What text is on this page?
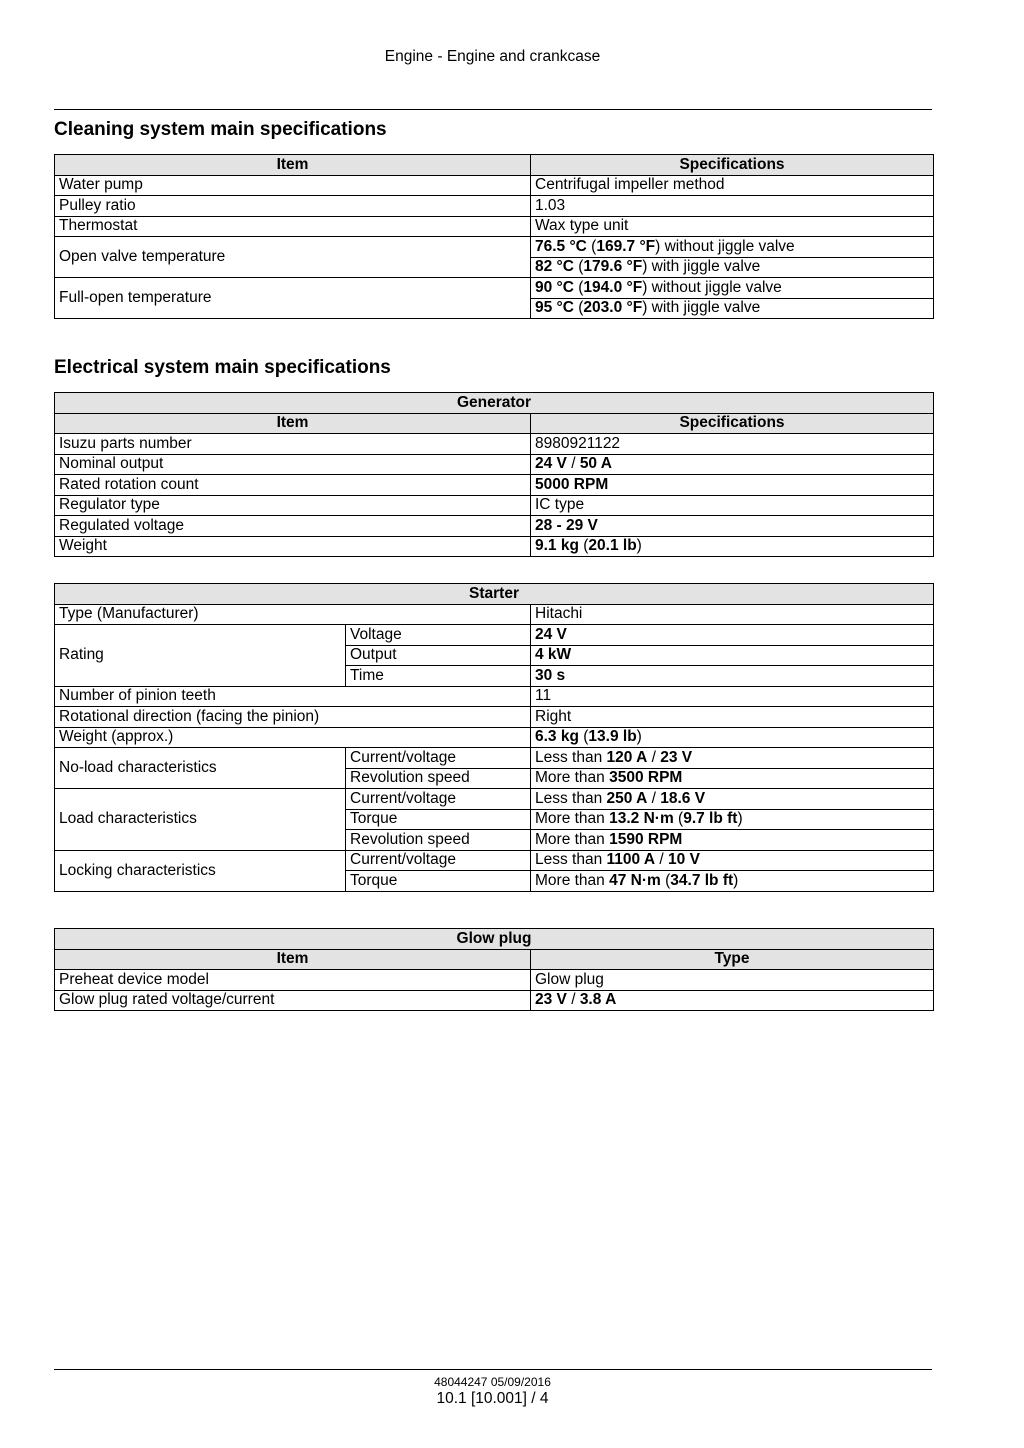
Engine - Engine and crankcase
Cleaning system main specifications
Item	Specifications
Water pump	Centrifugal impeller method
Pulley ratio	1.03
Thermostat	Wax type unit
Open valve temperature	76.5 °C (169.7 °F) without jiggle valve
	82 °C (179.6 °F) with jiggle valve
Full-open temperature	90 °C (194.0 °F) without jiggle valve
	95 °C (203.0 °F) with jiggle valve
Electrical system main specifications
Generator	
Item	Specifications
Isuzu parts number	8980921122
Nominal output	24 V / 50 A
Rated rotation count	5000 RPM
Regulator type	IC type
Regulated voltage	28 - 29 V
Weight	9.1 kg (20.1 lb)
Starter		
Type (Manufacturer)		Hitachi
Rating	Voltage	24 V
	Output	4 kW
	Time	30 s
Number of pinion teeth		11
Rotational direction (facing the pinion)		Right
Weight (approx.)		6.3 kg (13.9 lb)
No-load characteristics	Current/voltage	Less than 120 A / 23 V
	Revolution speed	More than 3500 RPM
Load characteristics	Current/voltage	Less than 250 A / 18.6 V
	Torque	More than 13.2 N·m (9.7 lb ft)
	Revolution speed	More than 1590 RPM
Locking characteristics	Current/voltage	Less than 1100 A / 10 V
	Torque	More than 47 N·m (34.7 lb ft)
Glow plug	
Item	Type
Preheat device model	Glow plug
Glow plug rated voltage/current	23 V / 3.8 A
48044247 05/09/2016
10.1 [10.001] / 4
